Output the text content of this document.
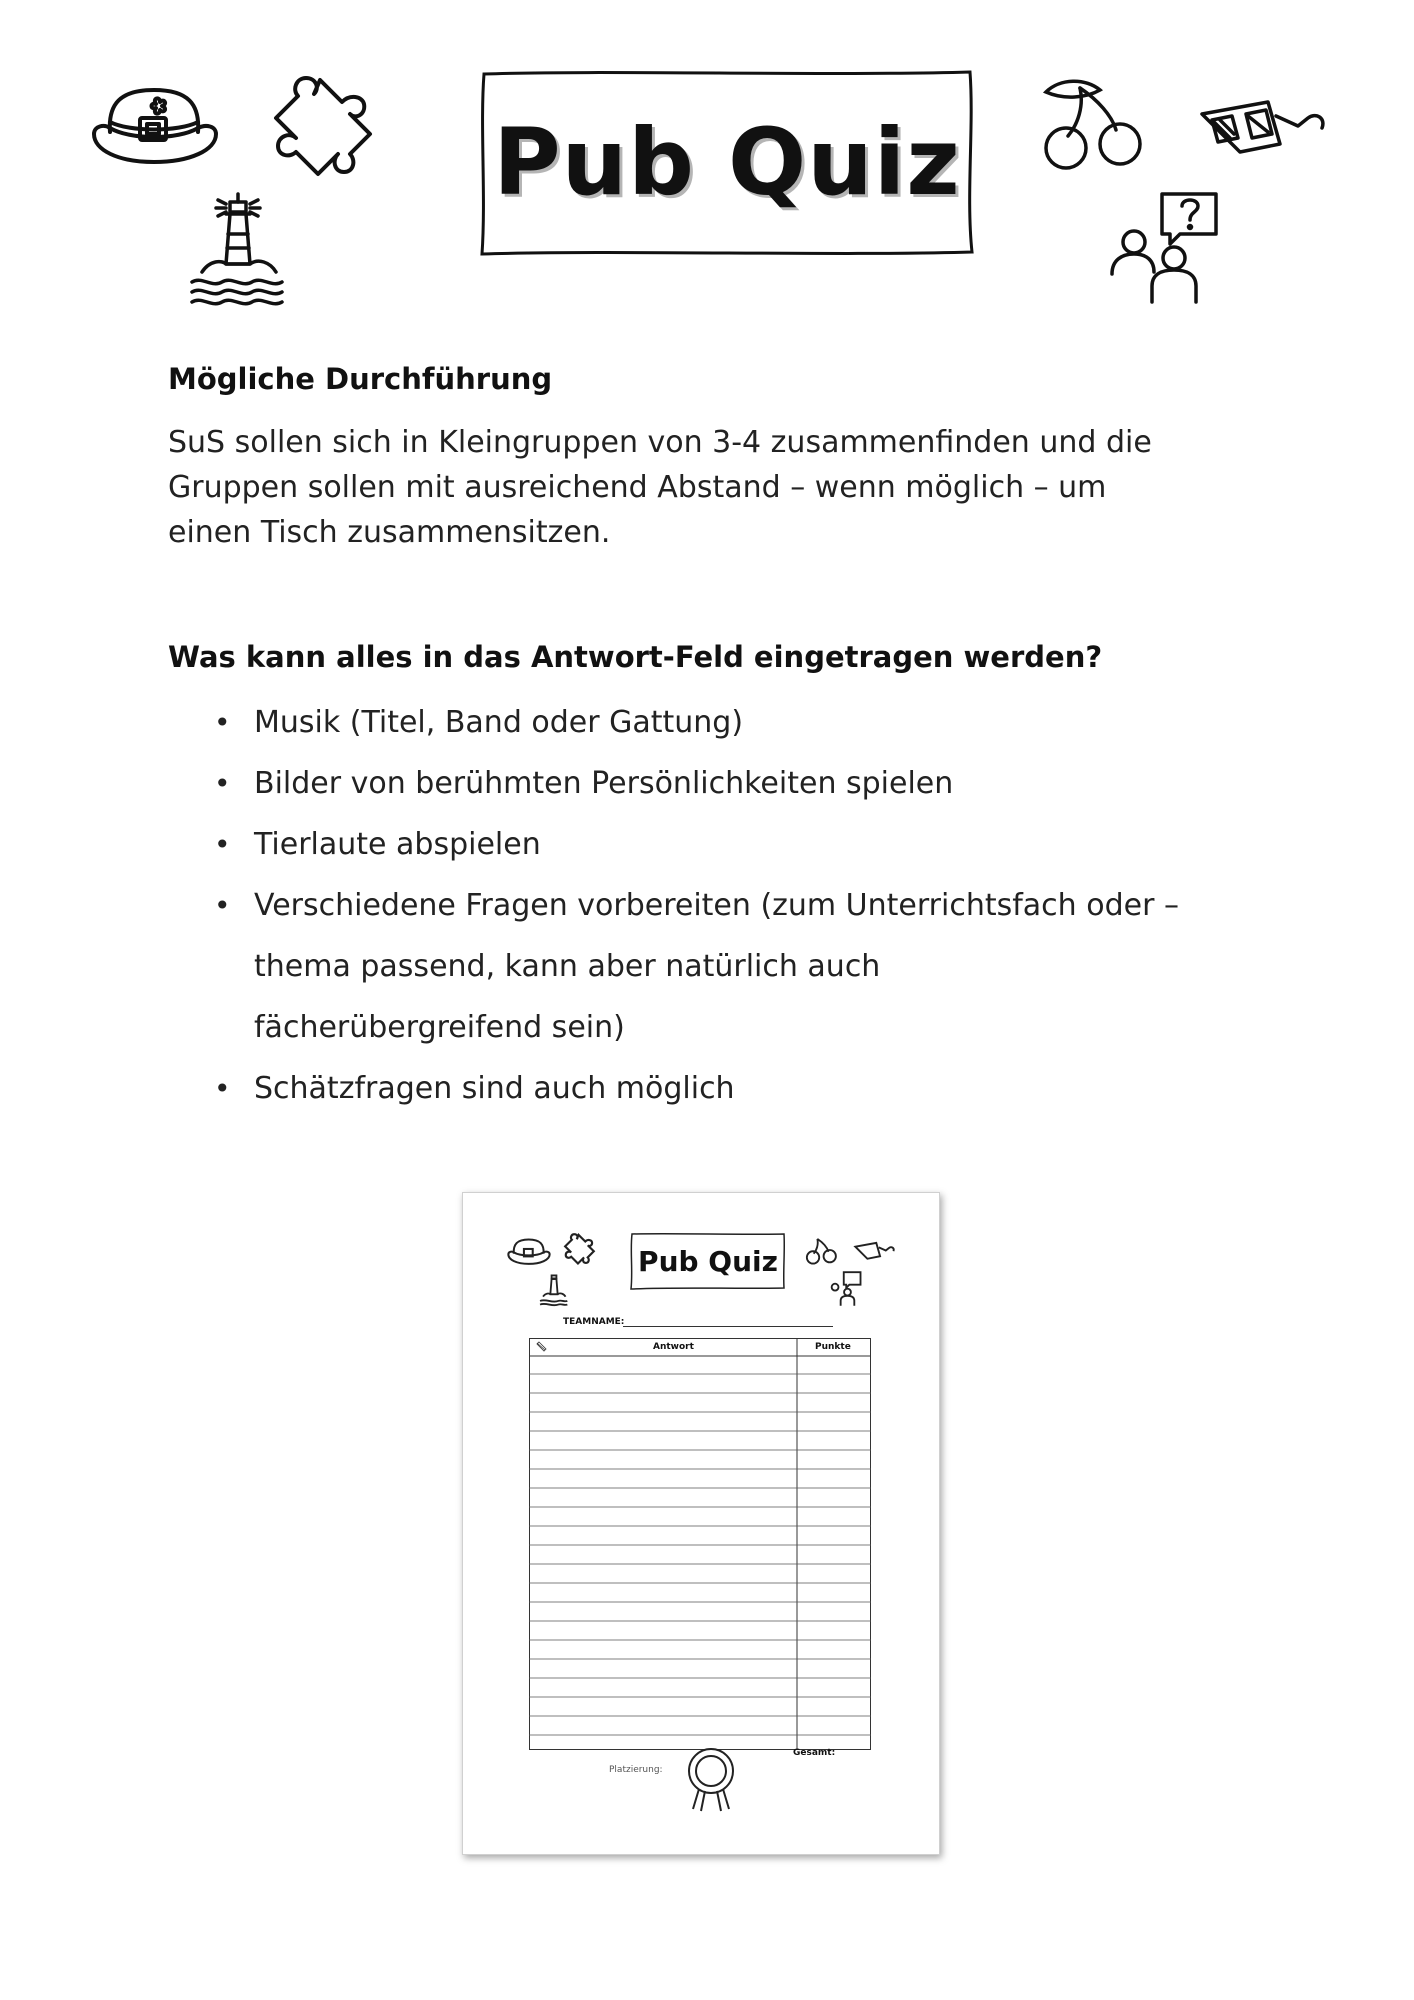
Pub Quiz
Mögliche Durchführung
SuS sollen sich in Kleingruppen von 3-4 zusammenfinden und die
Gruppen sollen mit ausreichend Abstand – wenn möglich – um
einen Tisch zusammensitzen.
Was kann alles in das Antwort-Feld eingetragen werden?
• Musik (Titel, Band oder Gattung)
• Bilder von berühmten Persönlichkeiten spielen
• Tierlaute abspielen
• Verschiedene Fragen vorbereiten (zum Unterrichtsfach oder –
thema passend, kann aber natürlich auch
fächerübergreifend sein)
• Schätzfragen sind auch möglich
Pub Quiz
TEAMNAME:
Antwort	Punkte
Gesamt:
Platzierung:
